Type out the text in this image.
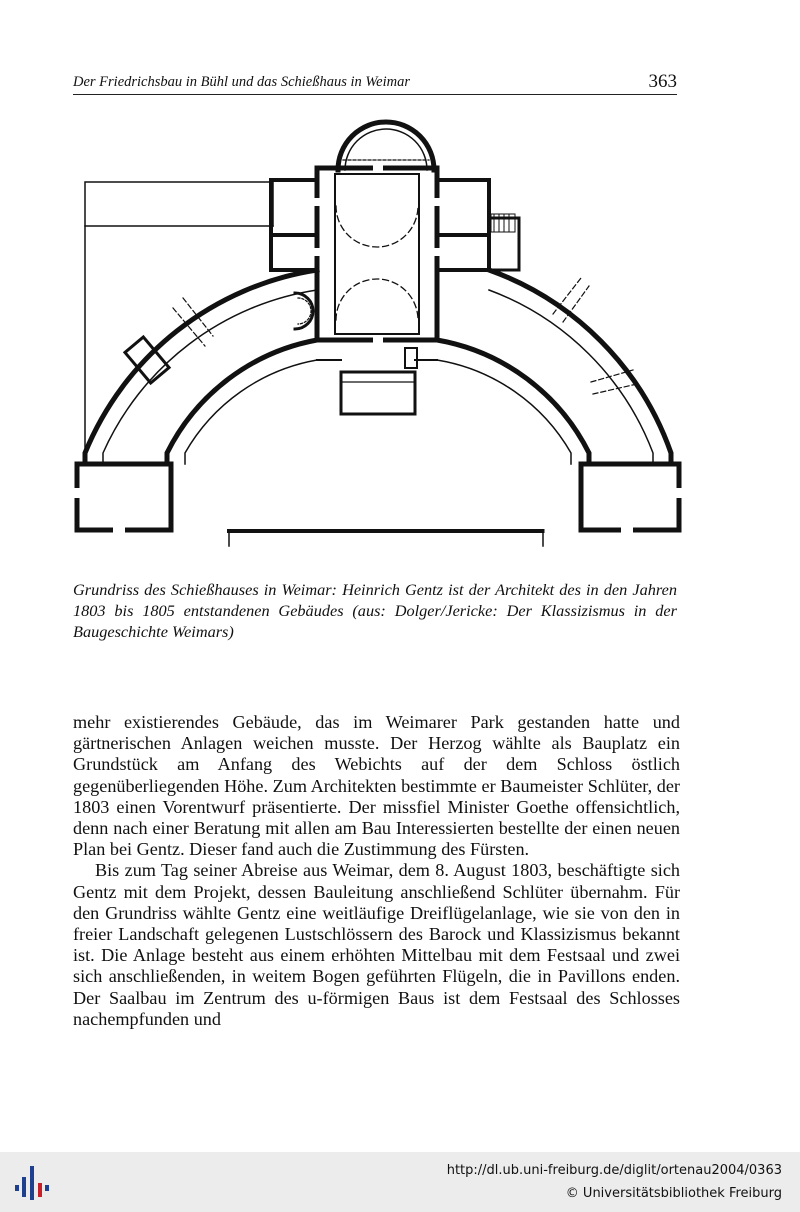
Der Friedrichsbau in Bühl und das Schießhaus in Weimar	363
Grundriss des Schießhauses in Weimar: Heinrich Gentz ist der Architekt des in den Jahren 1803 bis 1805 entstandenen Gebäudes (aus: Dolger/Jericke: Der Klassizismus in der Baugeschichte Weimars)

mehr existierendes Gebäude, das im Weimarer Park gestanden hatte und gärtnerischen Anlagen weichen musste. Der Herzog wählte als Bauplatz ein Grundstück am Anfang des Webichts auf der dem Schloss östlich gegenüberliegenden Höhe. Zum Architekten bestimmte er Baumeister Schlüter, der 1803 einen Vorentwurf präsentierte. Der missfiel Minister Goethe offensichtlich, denn nach einer Beratung mit allen am Bau Interessierten bestellte der einen neuen Plan bei Gentz. Dieser fand auch die Zustimmung des Fürsten.

Bis zum Tag seiner Abreise aus Weimar, dem 8. August 1803, beschäftigte sich Gentz mit dem Projekt, dessen Bauleitung anschließend Schlüter übernahm. Für den Grundriss wählte Gentz eine weitläufige Dreiflügelanlage, wie sie von den in freier Landschaft gelegenen Lustschlössern des Barock und Klassizismus bekannt ist. Die Anlage besteht aus einem erhöhten Mittelbau mit dem Festsaal und zwei sich anschließenden, in weitem Bogen geführten Flügeln, die in Pavillons enden. Der Saalbau im Zentrum des u-förmigen Baus ist dem Festsaal des Schlosses nachempfunden und

http://dl.ub.uni-freiburg.de/diglit/ortenau2004/0363
© Universitätsbibliothek Freiburg
